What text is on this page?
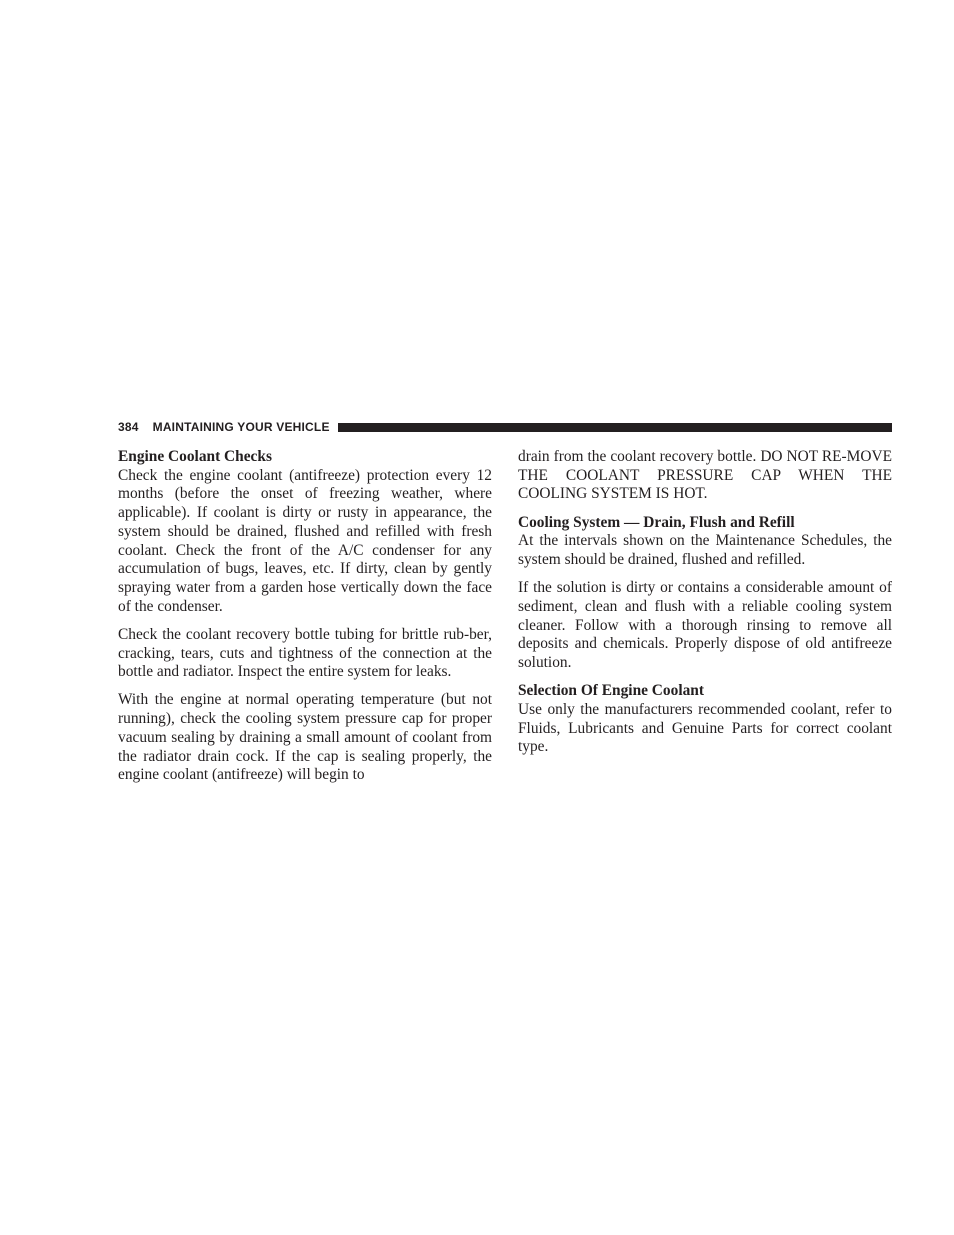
384 MAINTAINING YOUR VEHICLE
Engine Coolant Checks

Check the engine coolant (antifreeze) protection every 12 months (before the onset of freezing weather, where applicable). If coolant is dirty or rusty in appearance, the system should be drained, flushed and refilled with fresh coolant. Check the front of the A/C condenser for any accumulation of bugs, leaves, etc. If dirty, clean by gently spraying water from a garden hose vertically down the face of the condenser.

Check the coolant recovery bottle tubing for brittle rub-ber, cracking, tears, cuts and tightness of the connection at the bottle and radiator. Inspect the entire system for leaks.

With the engine at normal operating temperature (but not running), check the cooling system pressure cap for proper vacuum sealing by draining a small amount of coolant from the radiator drain cock. If the cap is sealing properly, the engine coolant (antifreeze) will begin to

drain from the coolant recovery bottle. DO NOT RE-MOVE THE COOLANT PRESSURE CAP WHEN THE COOLING SYSTEM IS HOT.

Cooling System — Drain, Flush and Refill

At the intervals shown on the Maintenance Schedules, the system should be drained, flushed and refilled.

If the solution is dirty or contains a considerable amount of sediment, clean and flush with a reliable cooling system cleaner. Follow with a thorough rinsing to remove all deposits and chemicals. Properly dispose of old antifreeze solution.

Selection Of Engine Coolant

Use only the manufacturers recommended coolant, refer to Fluids, Lubricants and Genuine Parts for correct coolant type.
